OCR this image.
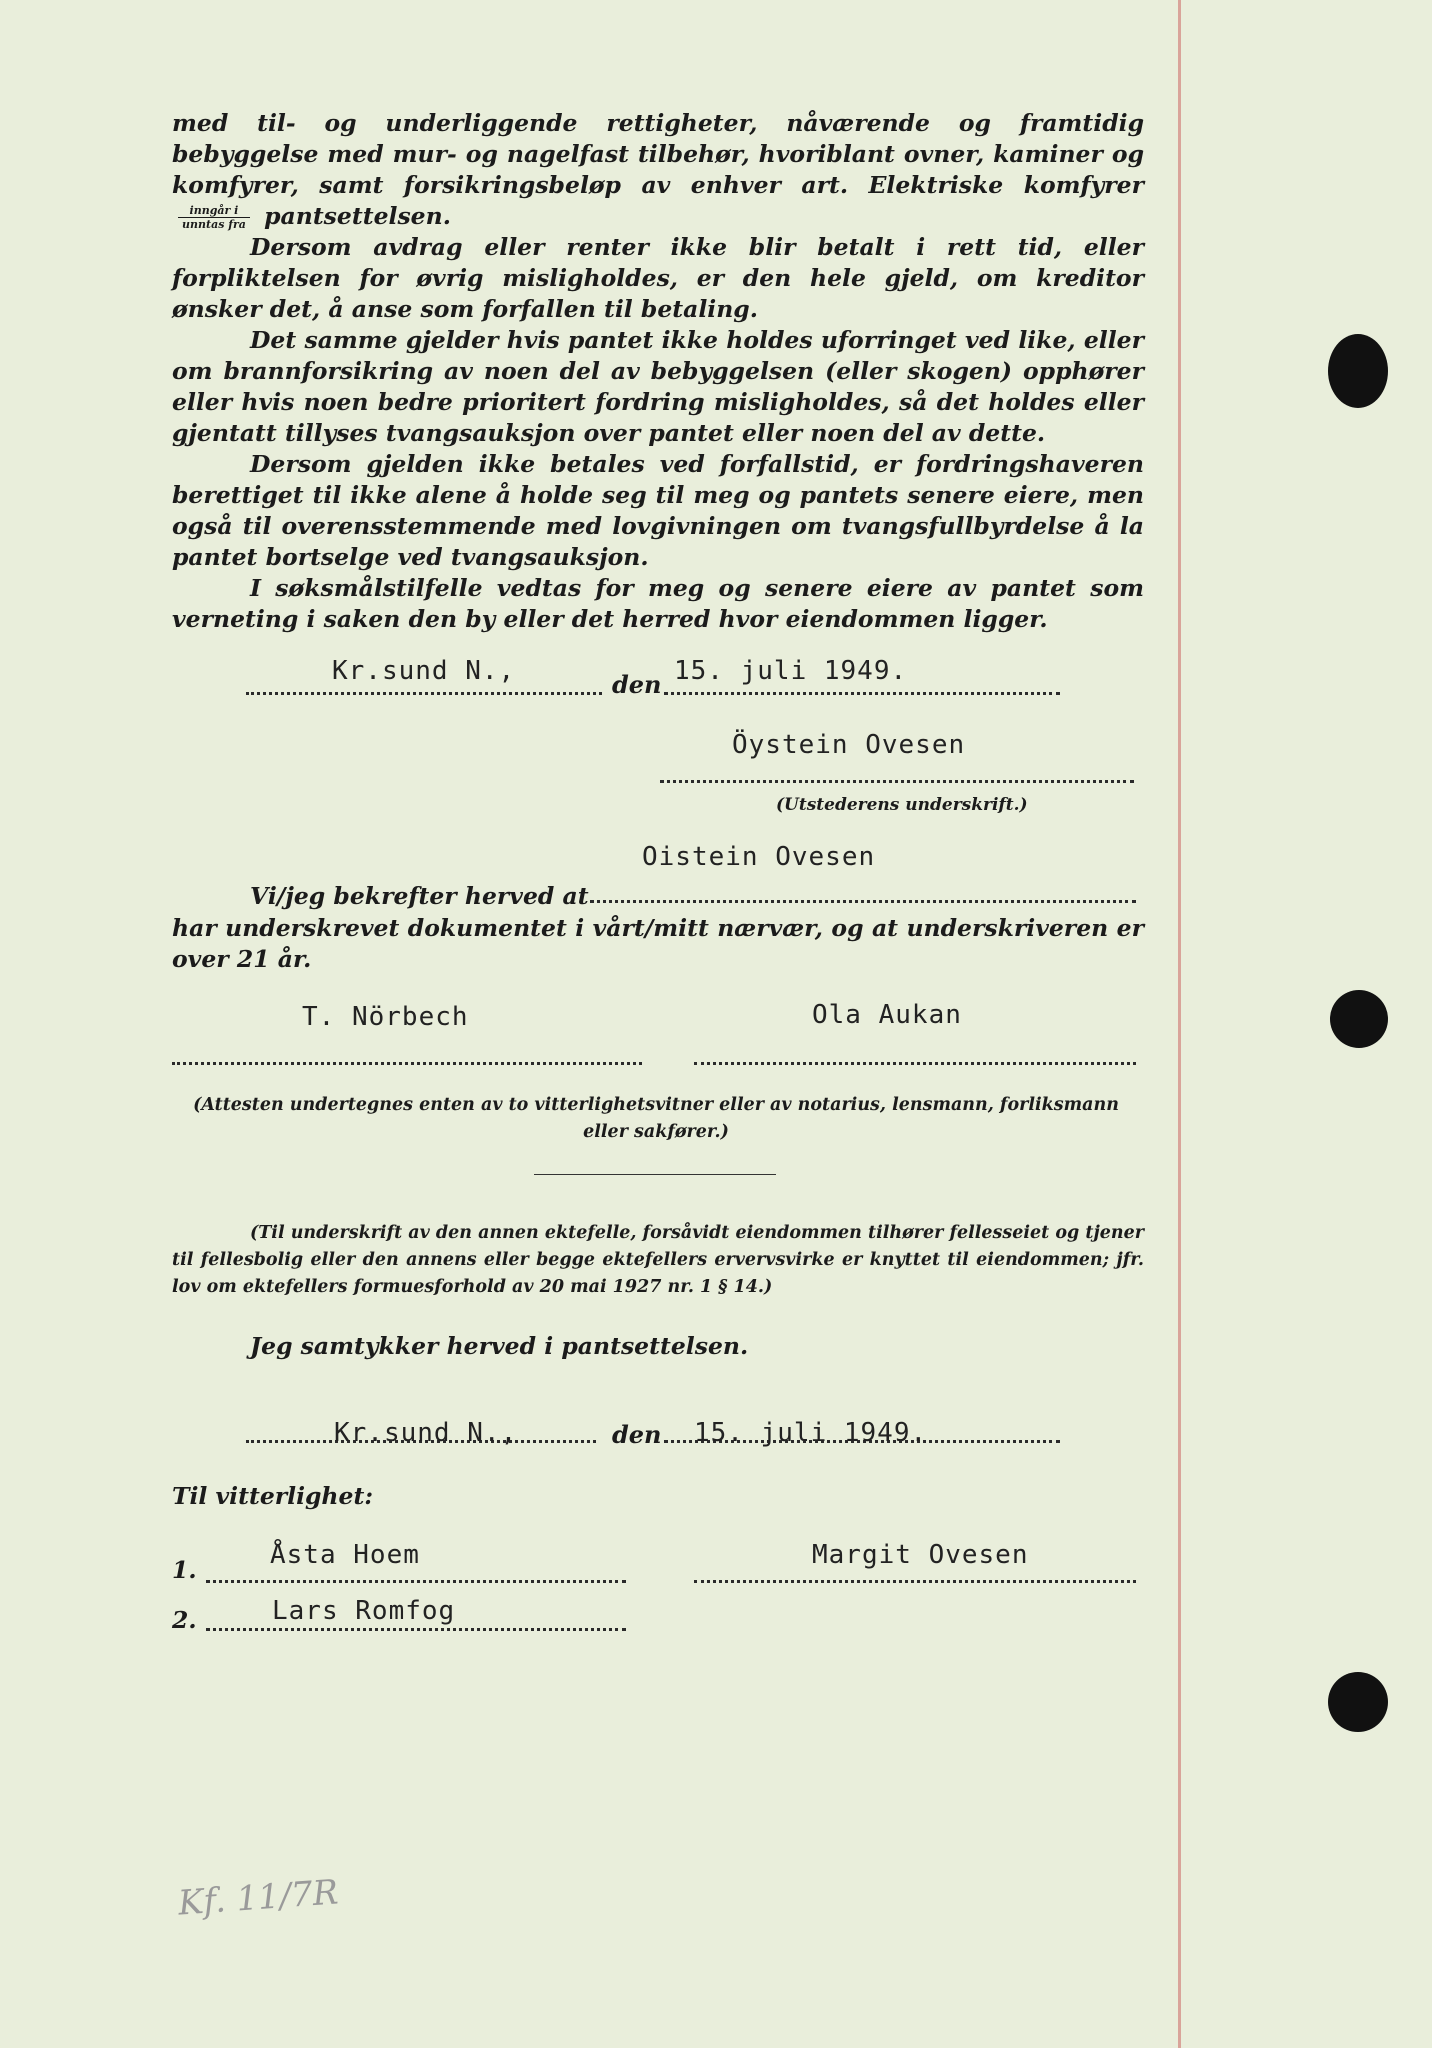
med til- og underliggende rettigheter, nåværende og framtidig bebyggelse med mur- og nagelfast tilbehør, hvoriblant ovner, kaminer og komfyrer, samt forsikringsbeløp av enhver art. Elektriske komfyrer
$\frac{\text{inngår i}}{\text{unntas fra}}$ pantsettelsen.

Dersom avdrag eller renter ikke blir betalt i rett tid, eller forpliktelsen for øvrig misligholdes, er den hele gjeld, om kreditor ønsker det, å anse som forfallen til betaling.

Det samme gjelder hvis pantet ikke holdes uforringet ved like, eller om brannforsikring av noen del av bebyggelsen (eller skogen) opphører eller hvis noen bedre prioritert fordring misligholdes, så det holdes eller gjentatt tillyses tvangsauksjon over pantet eller noen del av dette.

Dersom gjelden ikke betales ved forfallstid, er fordringshaveren berettiget til ikke alene å holde seg til meg og pantets senere eiere, men også til overensstemmende med lovgivningen om tvangsfullbyrdelse å la pantet bortselge ved tvangsauksjon.

I søksmålstilfelle vedtas for meg og senere eiere av pantet som verneting i saken den by eller det herred hvor eiendommen ligger.

Kr.sund N.,	den 15. juli 1949.
Öystein Ovesen
(Utstederens underskrift.)
Oistein Ovesen
Vi/jeg bekrefter herved at
har underskrevet dokumentet i vårt/mitt nærvær, og at underskriveren er over 21 år.
T. Nörbech	Ola Aukan
(Attesten undertegnes enten av to vitterlighetsvitner eller av notarius, lensmann, forliksmann eller sakfører.)
(Til underskrift av den annen ektefelle, forsåvidt eiendommen tilhører fellesseiet og tjener til fellesbolig eller den annens eller begge ektefellers ervervsvirke er knyttet til eiendommen; jfr. lov om ektefellers formuesforhold av 20 mai 1927 nr. 1 § 14.)
Jeg samtykker herved i pantsettelsen.
Kr.sund N.,	den 15. juli 1949.
Til vitterlighet:
1.	Åsta Hoem	Margit Ovesen
2.	Lars Romfog
Kf. 11/7R
